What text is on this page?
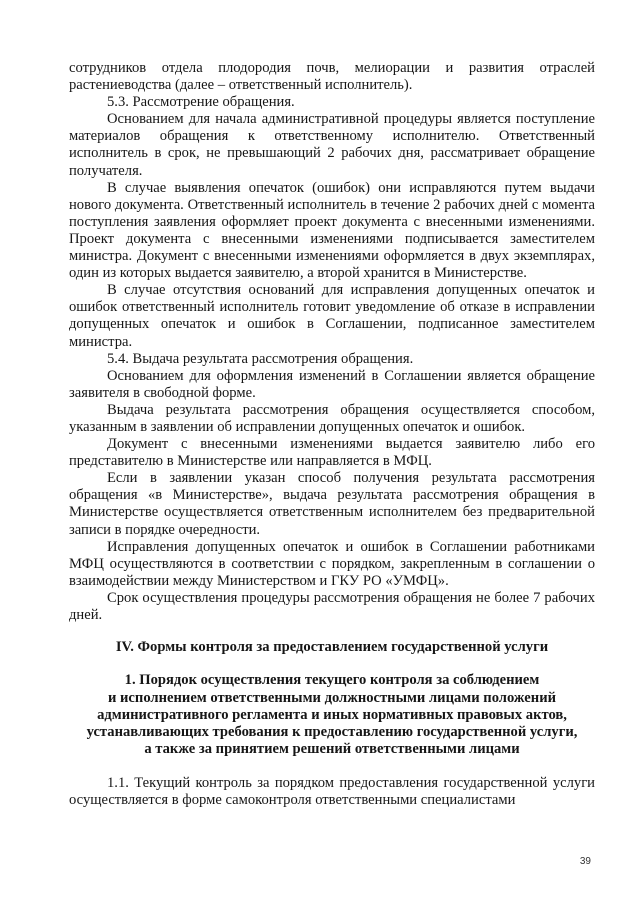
сотрудников отдела плодородия почв, мелиорации и развития отраслей растениеводства (далее – ответственный исполнитель).

5.3. Рассмотрение обращения.

Основанием для начала административной процедуры является поступление материалов обращения к ответственному исполнителю. Ответственный исполнитель в срок, не превышающий 2 рабочих дня, рассматривает обращение получателя.

В случае выявления опечаток (ошибок) они исправляются путем выдачи нового документа. Ответственный исполнитель в течение 2 рабочих дней с момента поступления заявления оформляет проект документа с внесенными изменениями. Проект документа с внесенными изменениями подписывается заместителем министра. Документ с внесенными изменениями оформляется в двух экземплярах, один из которых выдается заявителю, а второй хранится в Министерстве.

В случае отсутствия оснований для исправления допущенных опечаток и ошибок ответственный исполнитель готовит уведомление об отказе в исправлении допущенных опечаток и ошибок в Соглашении, подписанное заместителем министра.

5.4. Выдача результата рассмотрения обращения.

Основанием для оформления изменений в Соглашении является обращение заявителя в свободной форме.

Выдача результата рассмотрения обращения осуществляется способом, указанным в заявлении об исправлении допущенных опечаток и ошибок.

Документ с внесенными изменениями выдается заявителю либо его представителю в Министерстве или направляется в МФЦ.

Если в заявлении указан способ получения результата рассмотрения обращения «в Министерстве», выдача результата рассмотрения обращения в Министерстве осуществляется ответственным исполнителем без предварительной записи в порядке очередности.

Исправления допущенных опечаток и ошибок в Соглашении работниками МФЦ осуществляются в соответствии с порядком, закрепленным в соглашении о взаимодействии между Министерством и ГКУ РО «УМФЦ».

Срок осуществления процедуры рассмотрения обращения не более 7 рабочих дней.

IV. Формы контроля за предоставлением государственной услуги
1. Порядок осуществления текущего контроля за соблюдением
и исполнением ответственными должностными лицами положений
административного регламента и иных нормативных правовых актов,
устанавливающих требования к предоставлению государственной услуги,
а также за принятием решений ответственными лицами

1.1. Текущий контроль за порядком предоставления государственной услуги осуществляется в форме самоконтроля ответственными специалистами

39
